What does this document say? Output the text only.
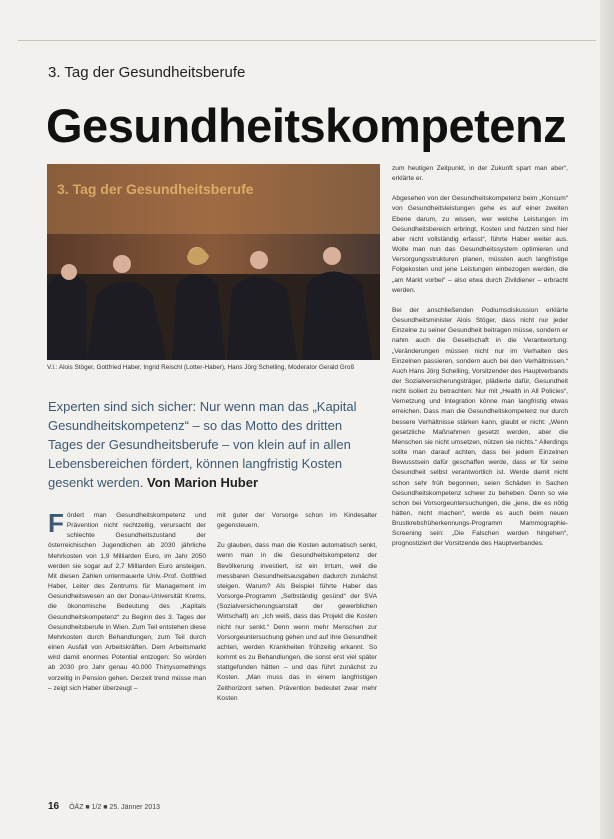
3. Tag der Gesundheitsberufe
Gesundheitskompetenz
3. Tag der Gesundheitsberufe
V.l.: Alois Stöger, Gottfried Haber, Ingrid Reischl (Lotter-Haber), Hans Jörg Schelling, Moderator Gerald Groß
Experten sind sich sicher: Nur wenn man das „Kapital Gesundheitskompetenz“ – so das Motto des dritten Tages der Gesundheitsberufe – von klein auf in allen Lebensbereichen fördert, können langfristig Kosten gesenkt werden. Von Marion Huber

Fördert man Gesundheitskompetenz und Prävention nicht rechtzeitig, verursacht der schlechte Gesundheitszustand der österreichischen Jugendlichen ab 2030 jährliche Mehrkosten von 1,9 Milliarden Euro, im Jahr 2050 werden sie sogar auf 2,7 Milliarden Euro ansteigen. Mit diesen Zahlen untermauerte Univ.-Prof. Gottfried Haber, Leiter des Zentrums für Management im Gesundheitswesen an der Donau-Universität Krems, die ökonomische Bedeutung des „Kapitals Gesundheitskompetenz“ zu Beginn des 3. Tages der Gesundheitsberufe in Wien. Zum Teil entstehen diese Mehrkosten durch Behandlungen, zum Teil durch einen Ausfall von Arbeitskräften. Dem Arbeitsmarkt wird damit enormes Potential entzogen: So würden ab 2030 pro Jahr genau 40.000 Thirtysomethings vorzeitig in Pension gehen. Derzeit trend müsse man – zeigt sich Haber überzeugt –

mit guter der Vorsorge schon im Kindesalter gegensteuern.

Zu glauben, dass man die Kosten automatisch senkt, wenn man in die Gesundheitskompetenz der Bevölkerung investiert, ist ein Irrtum, weil die messbaren Gesundheitsausgaben dadurch zunächst steigen. Warum? Als Beispiel führte Haber das Vorsorge-Programm „Selbständig gesünd“ der SVA (Sozialversicherungsanstalt der gewerblichen Wirtschaft) an: „Ich weiß, dass das Projekt die Kosten nicht nur senkt.“ Denn wenn mehr Menschen zur Vorsorgeuntersuchung gehen und auf ihre Gesundheit achten, werden Krankheiten frühzeitig erkannt. So kommt es zu Behandlungen, die sonst erst viel später stattgefunden hätten – und das führt zunächst zu Kosten. „Man muss das in einem langfristigen Zeithorizont sehen. Prävention bedeutet zwar mehr Kosten

zum heutigen Zeitpunkt, in der Zukunft spart man aber“, erklärte er.

Abgesehen von der Gesundheitskompetenz beim „Konsum“ von Gesundheitsleistungen gehe es auf einer zweiten Ebene darum, zu wissen, wer welche Leistungen im Gesundheitsbereich erbringt, Kosten und Nutzen sind hier aber nicht vollständig erfasst“, führte Haber weiter aus. Wolle man nun das Gesundheitssystem optimieren und Versorgungsstrukturen planen, müssten auch langfristige Folgekosten und jene Leistungen einbezogen werden, die „am Markt vorbei“ – also etwa durch Zivildiener – erbracht werden.

Bei der anschließenden Podiumsdiskussion erklärte Gesundheitsminister Alois Stöger, dass nicht nur jeder Einzelne zu seiner Gesundheit beitragen müsse, sondern er nahm auch die Gesellschaft in die Verantwortung: „Veränderungen müssen nicht nur im Verhalten des Einzelnen passieren, sondern auch bei den Verhältnissen.“ Auch Hans Jörg Schelling, Vorsitzender des Hauptverbands der Sozialversicherungsträger, plädierte dafür, Gesundheit nicht isoliert zu betrachten: Nur mit „Health in All Policies“, Vernetzung und Integration könne man langfristig etwas erreichen. Dass man die Gesundheitskompetenz nur durch bessere Verhältnisse stärken kann, glaubt er nicht: „Wenn gesetzliche Maßnahmen gesetzt werden, aber die Menschen sie nicht umsetzen, nützen sie nichts.“ Allerdings sollte man darauf achten, dass bei jedem Einzelnen Bewusstsein dafür geschaffen werde, dass er für seine Gesundheit selbst verantwortlich ist. Werde damit nicht schon sehr früh begonnen, seien Schäden in Sachen Gesundheitskompetenz schwer zu beheben. Denn so wie schon bei Vorsorgeuntersuchungen, die „jene, die es nötig hätten, nicht machen“, werde es auch beim neuen Brustkrebsfrüherkennungs-Programm Mammographie-Screening sein: „Die Falschen werden hingehen“, prognostiziert der Vorsitzende des Hauptverbandes.

16 ÖÄZ ■ 1/2 ■ 25. Jänner 2013
